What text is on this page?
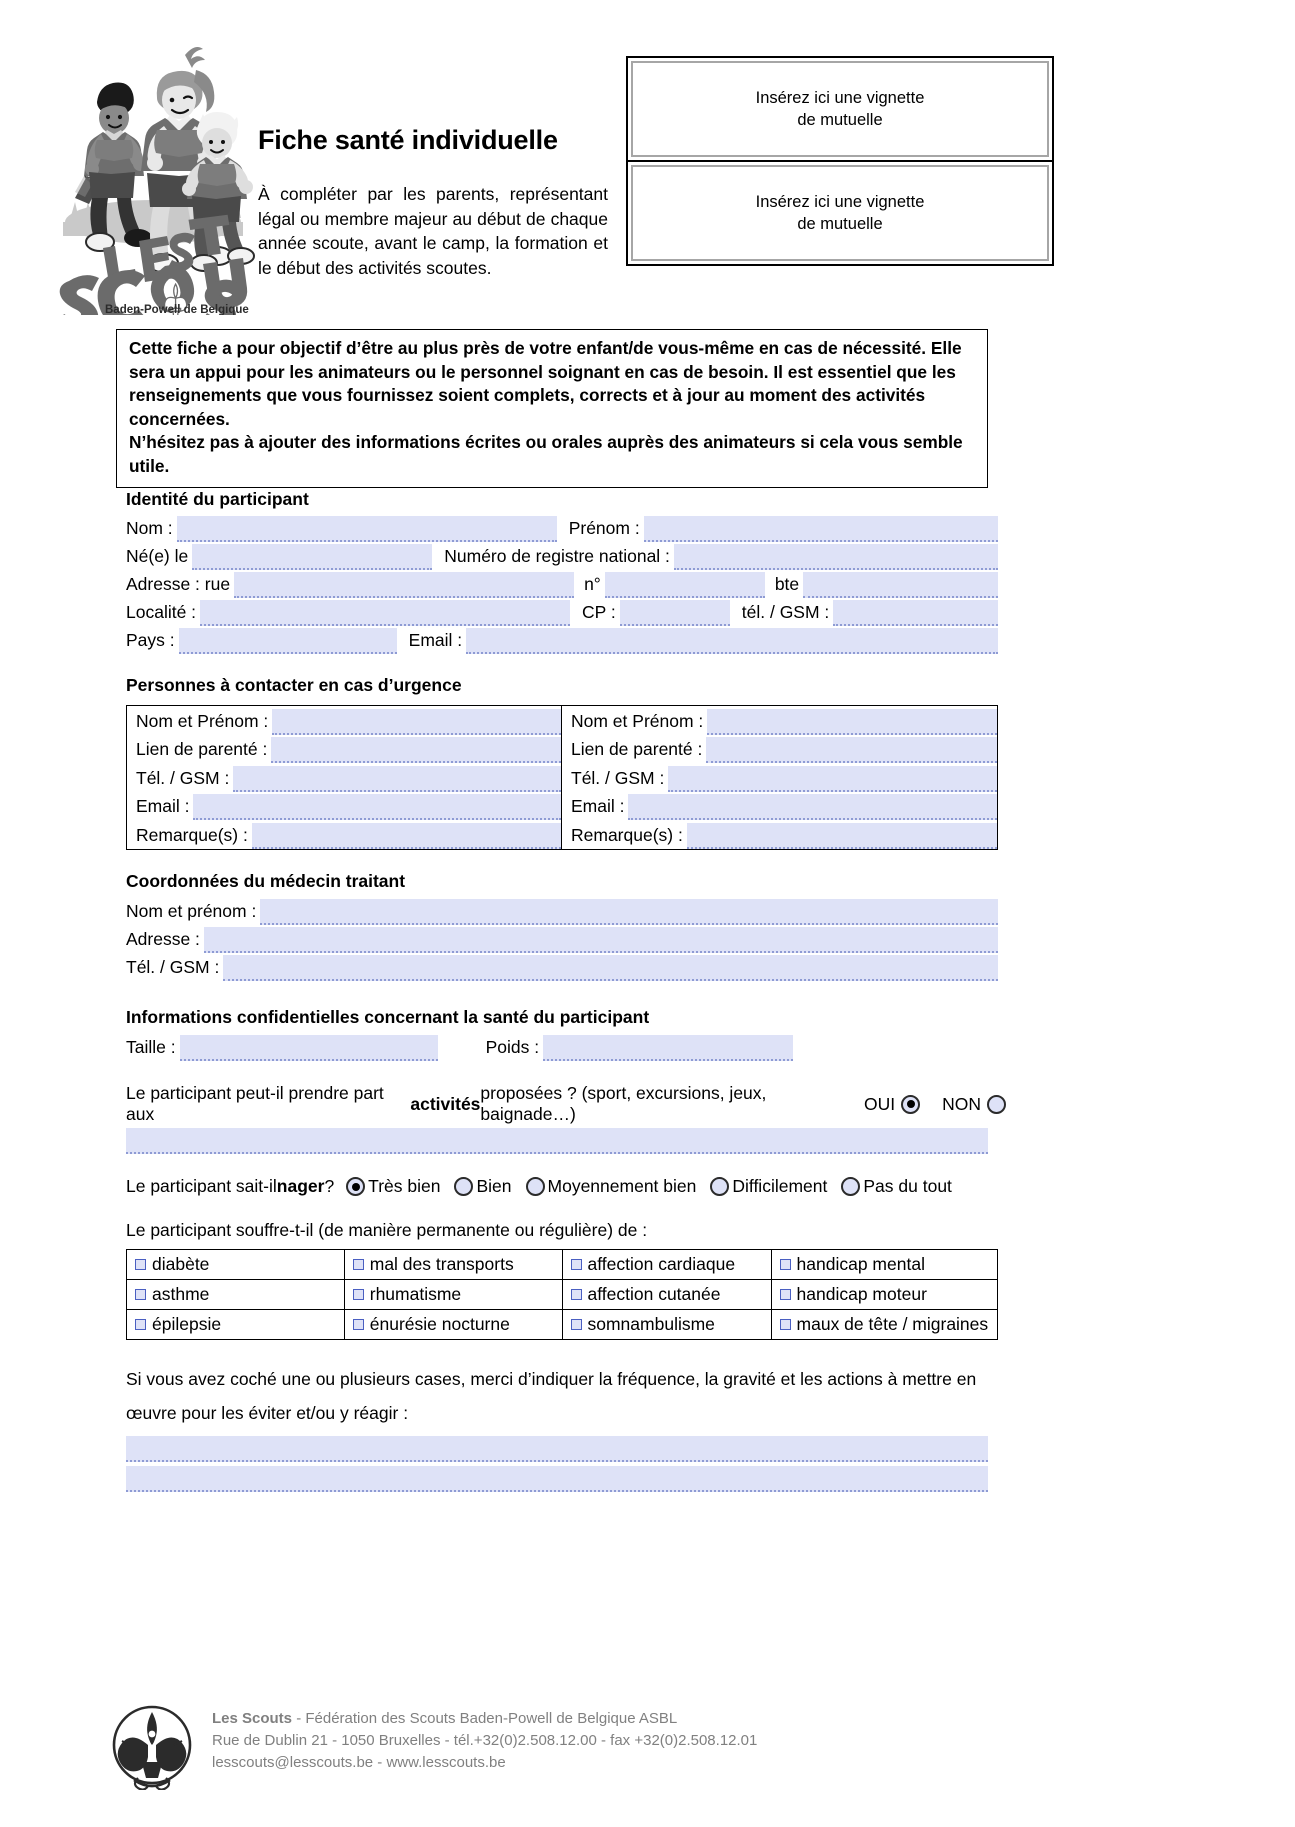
Baden-Powell de Belgique
Fiche santé individuelle
À compléter par les parents, représentant légal ou membre majeur au début de chaque année scoute, avant le camp, la formation et le début des activités scoutes.
Insérez ici une vignette
de mutuelle
Insérez ici une vignette
de mutuelle

Cette fiche a pour objectif d’être au plus près de votre enfant/de vous-même en cas de nécessité. Elle sera un appui pour les animateurs ou le personnel soignant en cas de besoin. Il est essentiel que les renseignements que vous fournissez soient complets, corrects et à jour au moment des activités concernées.

N’hésitez pas à ajouter des informations écrites ou orales auprès des animateurs si cela vous semble utile.

Identité du participant
Nom :	Prénom :
Né(e) le	Numéro de registre national :
Adresse : rue	n°	bte
Localité :	CP :	tél. / GSM :
Pays :	Email :
Personnes à contacter en cas d’urgence
Nom et Prénom :
Lien de parenté :
Tél. / GSM :
Email :
Remarque(s) :
Nom et Prénom :
Lien de parenté :
Tél. / GSM :
Email :
Remarque(s) :
Coordonnées du médecin traitant
Nom et prénom :
Adresse :
Tél. / GSM :
Informations confidentielles concernant la santé du participant
Taille :	Poids :
Le participant peut-il prendre part aux
activités
proposées ? (sport, excursions, jeux, baignade…)
OUI	NON
Le participant sait-il nager ?	Très bien	Bien	Moyennement bien	Difficilement	Pas du tout
Le participant souffre-t-il (de manière permanente ou régulière) de :
diabète	mal des transports	affection cardiaque	handicap mental
asthme	rhumatisme	affection cutanée	handicap moteur
épilepsie	énurésie nocturne	somnambulisme	maux de tête / migraines
Si vous avez coché une ou plusieurs cases, merci d’indiquer la fréquence, la gravité et les actions à mettre en
œuvre pour les éviter et/ou y réagir :
Les Scouts - Fédération des Scouts Baden-Powell de Belgique ASBL
Rue de Dublin 21 - 1050 Bruxelles - tél.+32(0)2.508.12.00 - fax +32(0)2.508.12.01
lesscouts@lesscouts.be - www.lesscouts.be
